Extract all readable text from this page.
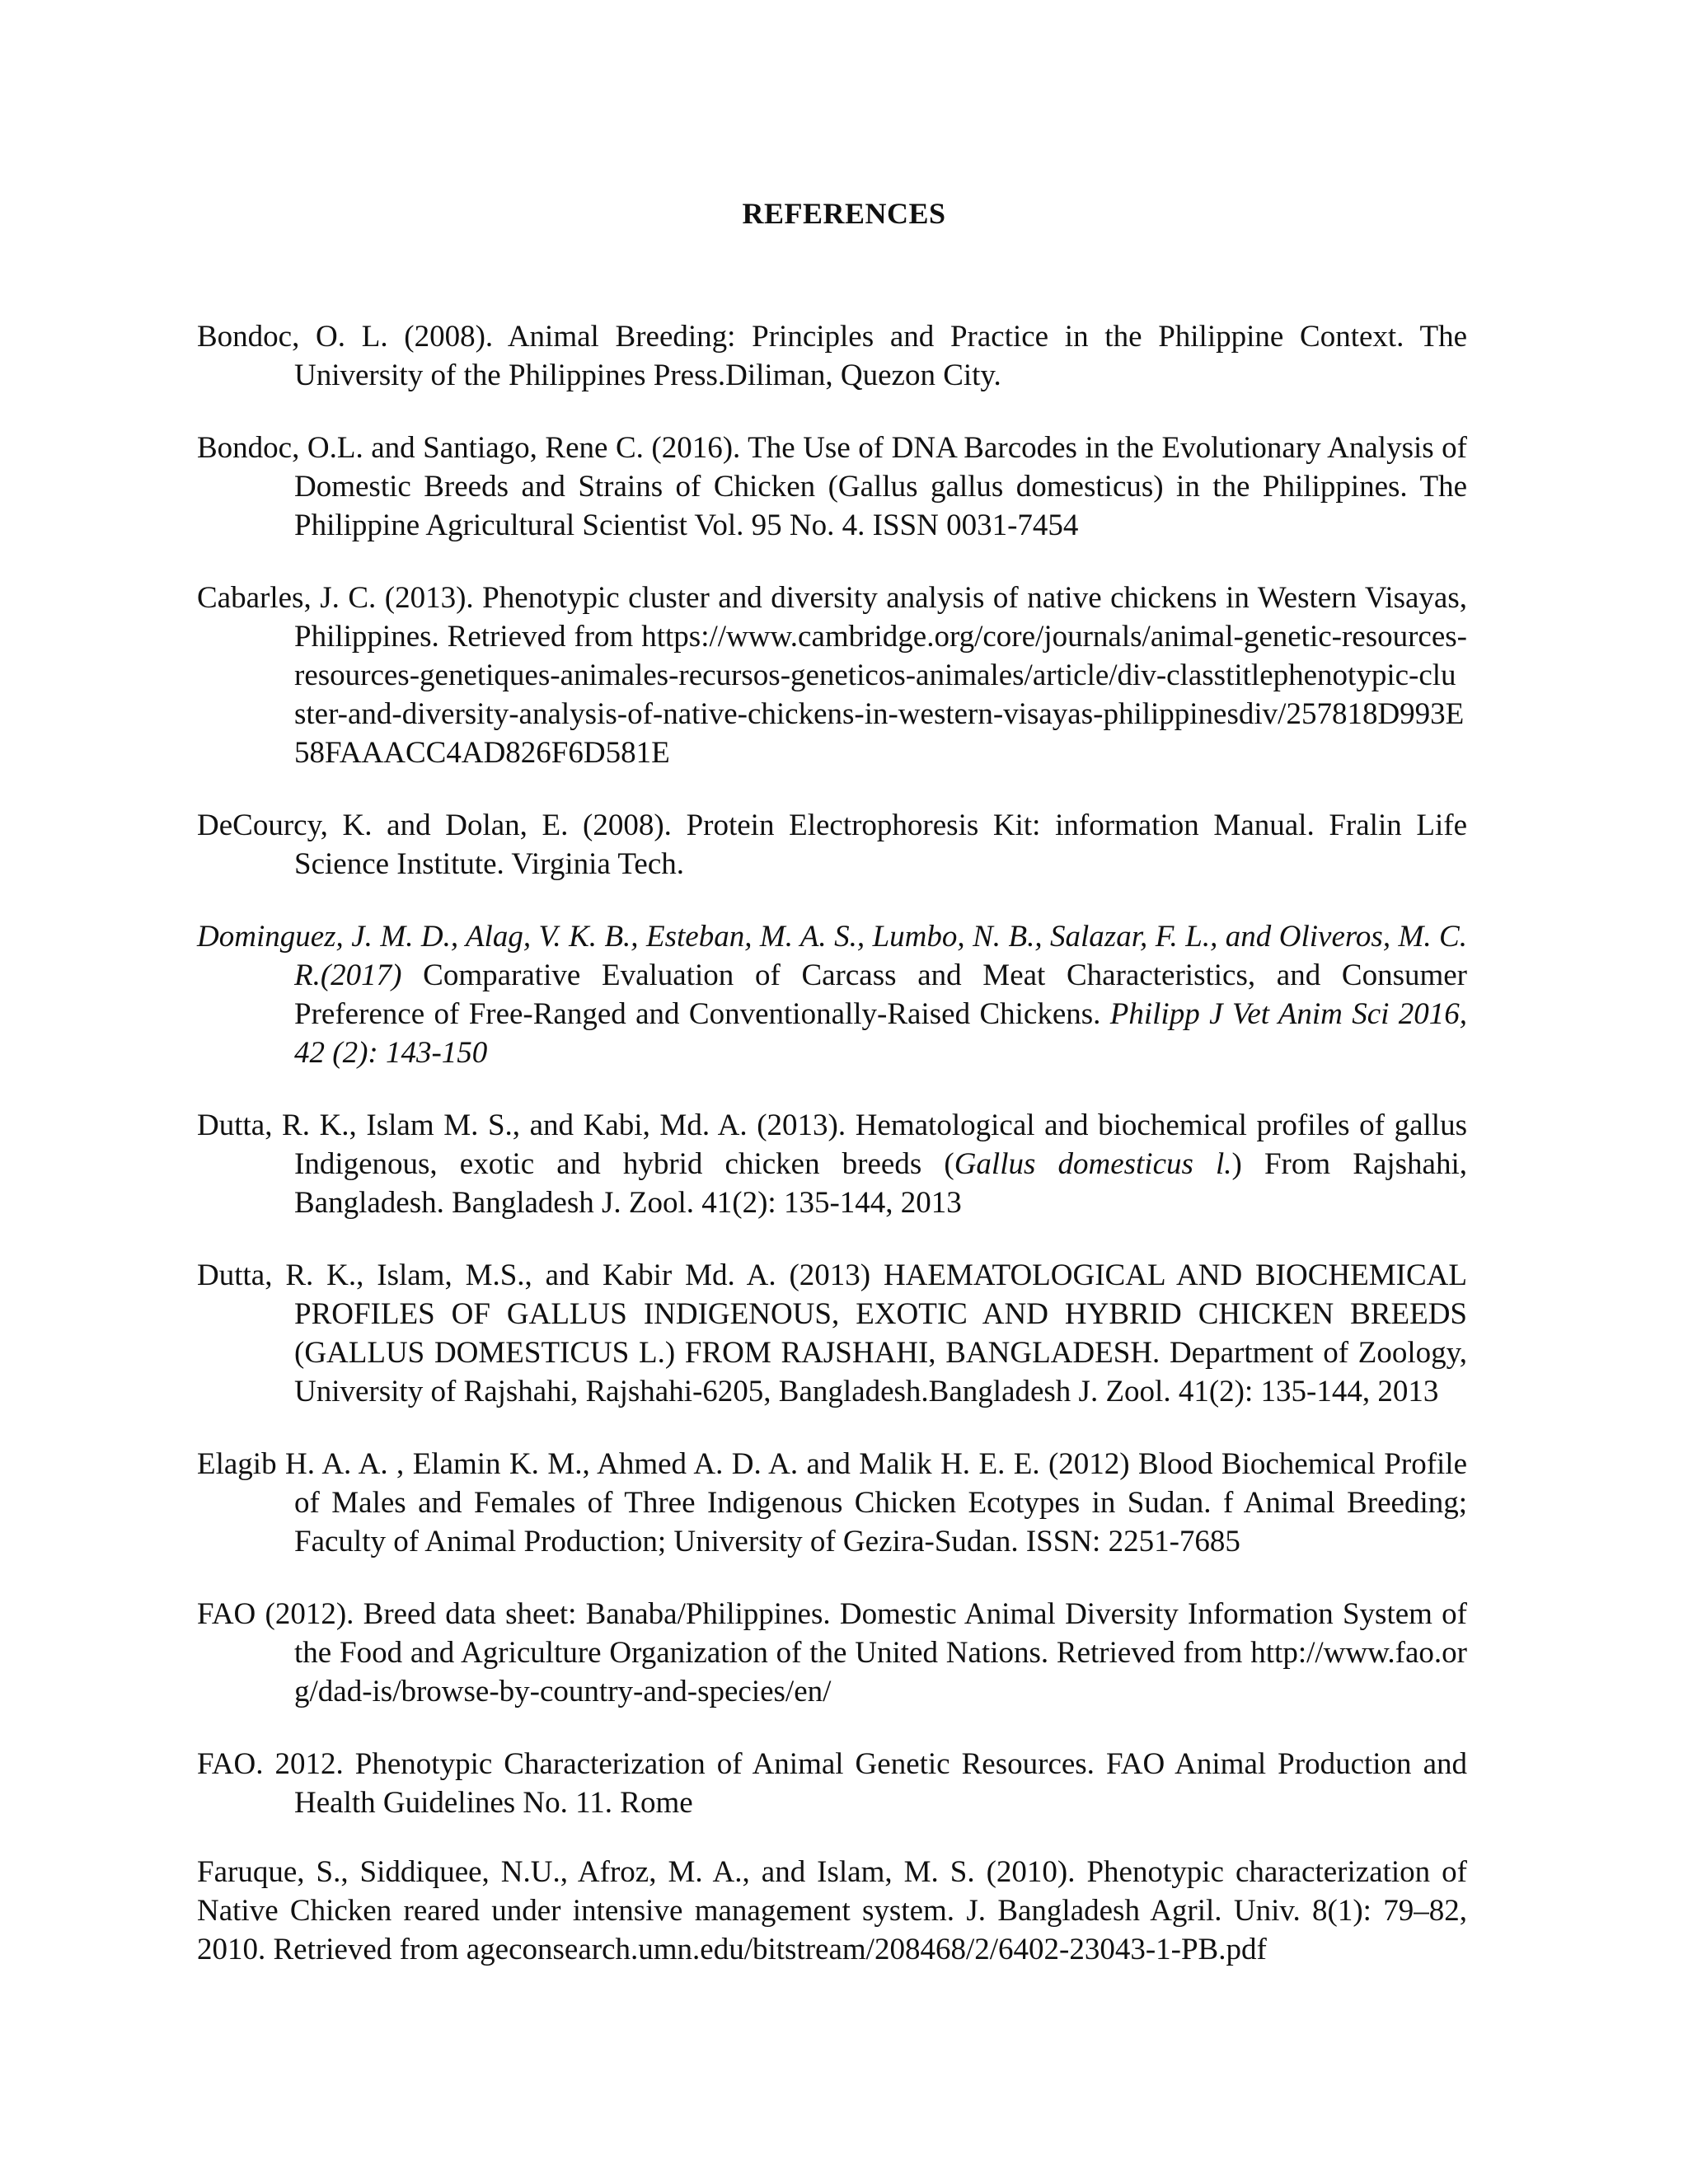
REFERENCES

Bondoc, O. L. (2008). Animal Breeding: Principles and Practice in the Philippine Context. The University of the Philippines Press.Diliman, Quezon City.

Bondoc, O.L. and Santiago, Rene C. (2016). The Use of DNA Barcodes in the Evolutionary Analysis of Domestic Breeds and Strains of Chicken (Gallus gallus domesticus) in the Philippines. The Philippine Agricultural Scientist Vol. 95 No. 4. ISSN 0031-7454

Cabarles, J. C. (2013). Phenotypic cluster and diversity analysis of native chickens in Western Visayas, Philippines. Retrieved from https://www.cambridge.org/core/journals/animal-genetic-resources-resources-genetiques-animales-recursos-geneticos-animales/article/div-classtitlephenotypic-cluster-and-diversity-analysis-of-native-chickens-in-western-visayas-philippinesdiv/257818D993E58FAAACC4AD826F6D581E

DeCourcy, K. and Dolan, E. (2008). Protein Electrophoresis Kit: information Manual. Fralin Life Science Institute. Virginia Tech.

Dominguez, J. M. D., Alag, V. K. B., Esteban, M. A. S., Lumbo, N. B., Salazar, F. L., and Oliveros, M. C. R.(2017) Comparative Evaluation of Carcass and Meat Characteristics, and Consumer Preference of Free-Ranged and Conventionally-Raised Chickens. Philipp J Vet Anim Sci 2016, 42 (2): 143-150

Dutta, R. K., Islam M. S., and Kabi, Md. A. (2013). Hematological and biochemical profiles of gallus Indigenous, exotic and hybrid chicken breeds (Gallus domesticus l.) From Rajshahi, Bangladesh. Bangladesh J. Zool. 41(2): 135-144, 2013

Dutta, R. K., Islam, M.S., and Kabir Md. A. (2013) HAEMATOLOGICAL AND BIOCHEMICAL PROFILES OF GALLUS INDIGENOUS, EXOTIC AND HYBRID CHICKEN BREEDS (GALLUS DOMESTICUS L.) FROM RAJSHAHI, BANGLADESH. Department of Zoology, University of Rajshahi, Rajshahi-6205, Bangladesh.Bangladesh J. Zool. 41(2): 135-144, 2013

Elagib H. A. A. , Elamin K. M., Ahmed A. D. A. and Malik H. E. E. (2012) Blood Biochemical Profile of Males and Females of Three Indigenous Chicken Ecotypes in Sudan. f Animal Breeding; Faculty of Animal Production; University of Gezira-Sudan. ISSN: 2251-7685

FAO (2012). Breed data sheet: Banaba/Philippines. Domestic Animal Diversity Information System of the Food and Agriculture Organization of the United Nations. Retrieved from http://www.fao.org/dad-is/browse-by-country-and-species/en/

FAO. 2012. Phenotypic Characterization of Animal Genetic Resources. FAO Animal Production and Health Guidelines No. 11. Rome

Faruque, S., Siddiquee, N.U., Afroz, M. A., and Islam, M. S. (2010). Phenotypic characterization of Native Chicken reared under intensive management system. J. Bangladesh Agril. Univ. 8(1): 79–82, 2010. Retrieved from ageconsearch.umn.edu/bitstream/208468/2/6402-23043-1-PB.pdf
